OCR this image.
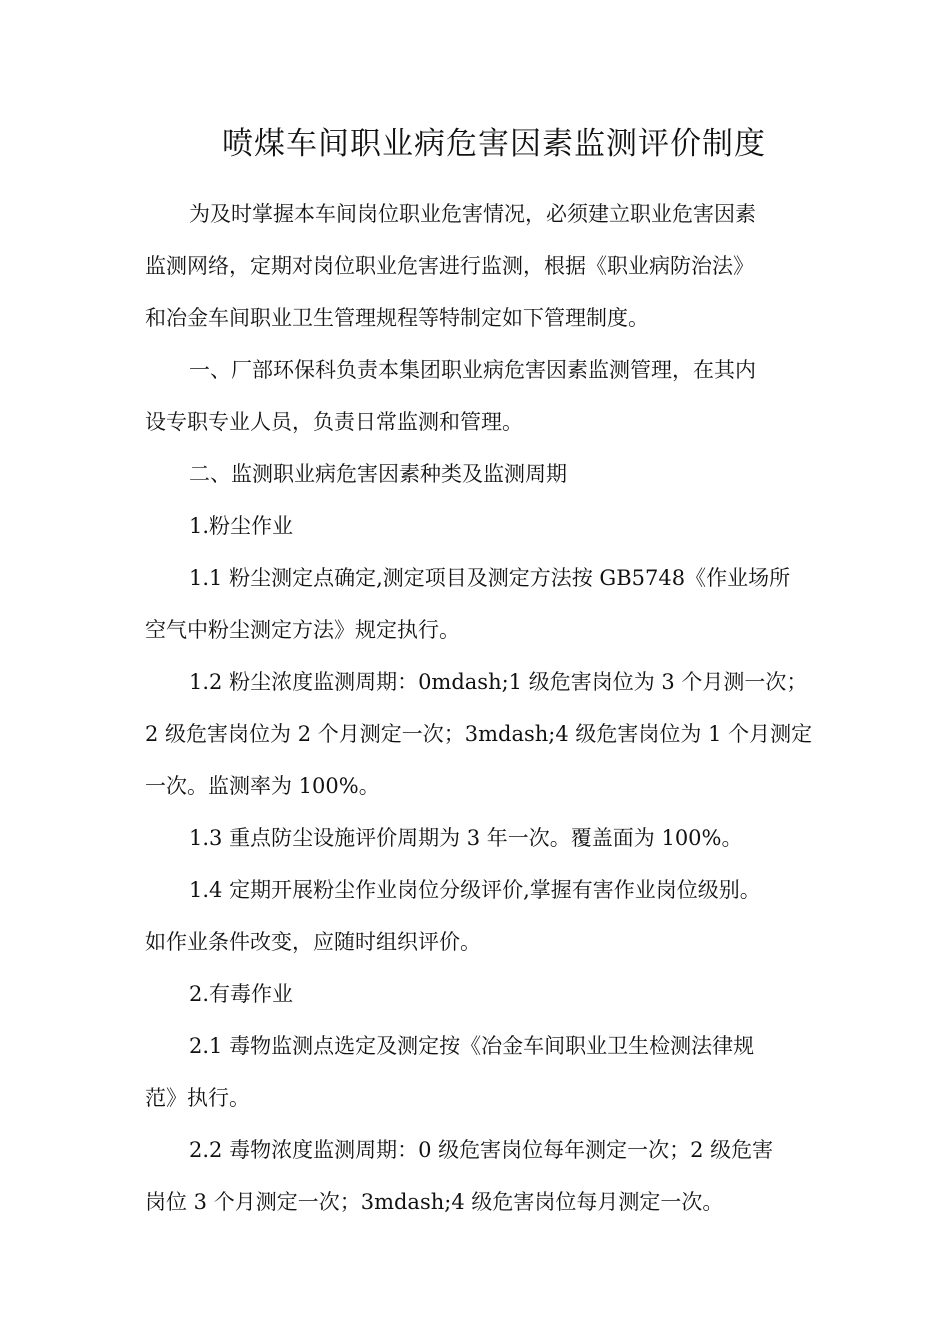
喷煤车间职业病危害因素监测评价制度

为及时掌握本车间岗位职业危害情况，必须建立职业危害因素

监测网络，定期对岗位职业危害进行监测，根据《职业病防治法》

和冶金车间职业卫生管理规程等特制定如下管理制度。

一、厂部环保科负责本集团职业病危害因素监测管理，在其内

设专职专业人员，负责日常监测和管理。

二、监测职业病危害因素种类及监测周期

1.粉尘作业

1.1 粉尘测定点确定,测定项目及测定方法按 GB5748《作业场所

空气中粉尘测定方法》规定执行。

1.2 粉尘浓度监测周期：0mdash;1 级危害岗位为 3 个月测一次；

2 级危害岗位为 2 个月测定一次；3mdash;4 级危害岗位为 1 个月测定

一次。监测率为 100%。

1.3 重点防尘设施评价周期为 3 年一次。覆盖面为 100%。

1.4 定期开展粉尘作业岗位分级评价,掌握有害作业岗位级别。

如作业条件改变，应随时组织评价。

2.有毒作业

2.1 毒物监测点选定及测定按《冶金车间职业卫生检测法律规

范》执行。

2.2 毒物浓度监测周期：0 级危害岗位每年测定一次；2 级危害

岗位 3 个月测定一次；3mdash;4 级危害岗位每月测定一次。
